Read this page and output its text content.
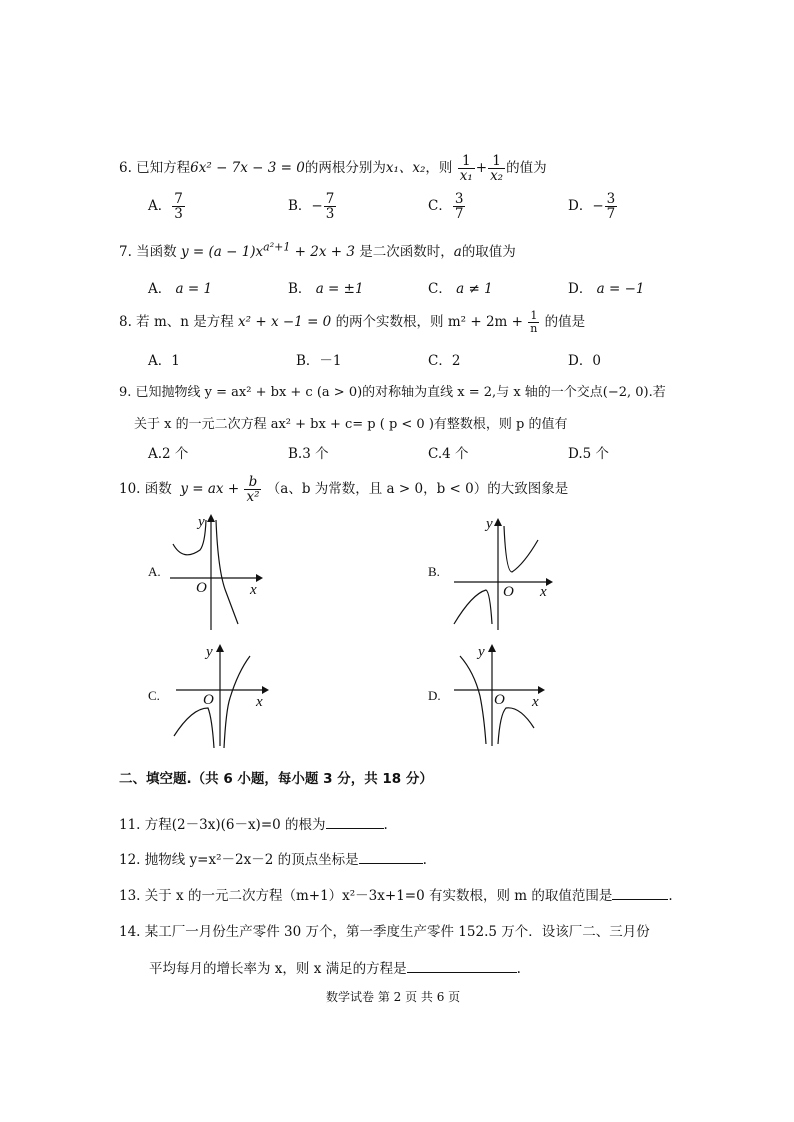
6. 已知方程6x² − 7x − 3 = 0的两根分别为x₁、x₂，则 $\frac{1}{\text{x₁}} + \frac{1}{\text{x₂}}$ 的值为
A． $\frac{7}{3}$	B．− $\frac{7}{3}$	C． $\frac{3}{7}$	D．− $\frac{3}{7}$
7. 当函数 $y = (a - 1)x^{a^2+1} + 2x + 3$ 是二次函数时，a的取值为
A． a = 1	B． a = ±1	C． a ≠ 1	D． a = −1
8. 若 m、n 是方程 x² + x −1 = 0 的两个实数根，则 $m^2 + 2m + \frac{1}{n}$ 的值是
A．1	B．－1	C．2	D．0
9. 已知抛物线 y = ax² + bx + c (a > 0)的对称轴为直线 x = 2,与 x 轴的一个交点(−2, 0).若
关于 x 的一元二次方程 ax² + bx + c= p ( p < 0 )有整数根，则 p 的值有
A.2 个	B.3 个	C.4 个	D.5 个
10. 函数 y = ax + $\frac{b}{\text{x²}} (a$、b 为常数，且 a > 0，b < 0）的大致图象是
A.
y
x
O
B.
y
x
O
C.
y
x
O	D.
y
x
O
二、填空题.（共 6 小题，每小题 3 分，共 18 分）
11. 方程(2－3x)(6－x)=0 的根为	.
12. 抛物线 y=x²－2x－2 的顶点坐标是	.
13. 关于 x 的一元二次方程（m+1）x²－3x+1=0 有实数根，则 m 的取值范围是	.
14. 某工厂一月份生产零件 30 万个，第一季度生产零件 152.5 万个．设该厂二、三月份
平均每月的增长率为 x，则 x 满足的方程是	.
数学试卷 第 2 页 共 6 页
